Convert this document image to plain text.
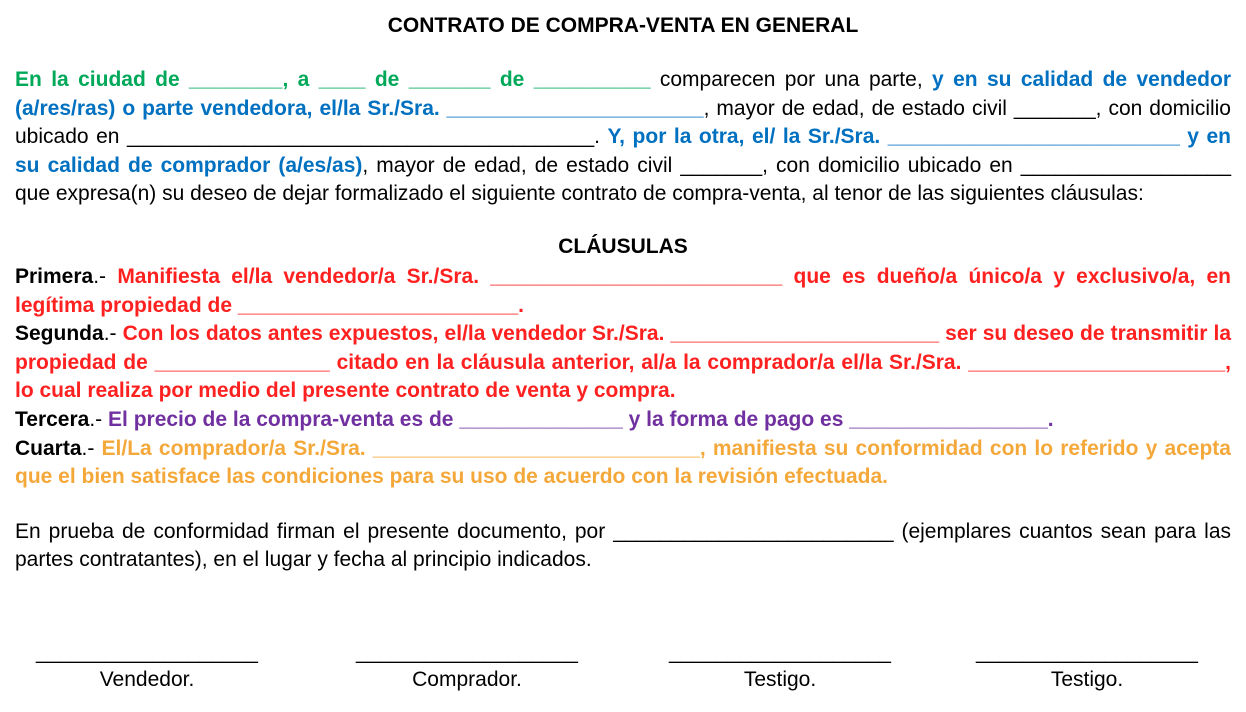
CONTRATO DE COMPRA-VENTA EN GENERAL

En la ciudad de ________, a ____ de _______ de __________ comparecen por una parte, y en su calidad de vendedor (a/res/ras) o parte vendedora, el/la Sr./Sra. ______________________, mayor de edad, de estado civil _______, con domicilio ubicado en ________________________________________. Y, por la otra, el/ la Sr./Sra. _________________________ y en su calidad de comprador (a/es/as), mayor de edad, de estado civil _______, con domicilio ubicado en __________________ que expresa(n) su deseo de dejar formalizado el siguiente contrato de compra-venta, al tenor de las siguientes cláusulas:

CLÁUSULAS

Primera.- Manifiesta el/la vendedor/a Sr./Sra. _________________________ que es dueño/a único/a y exclusivo/a, en legítima propiedad de ________________________.

Segunda.- Con los datos antes expuestos, el/la vendedor Sr./Sra. _______________________ ser su deseo de transmitir la propiedad de _______________ citado en la cláusula anterior, al/a la comprador/a el/la Sr./Sra. ______________________, lo cual realiza por medio del presente contrato de venta y compra.

Tercera.- El precio de la compra-venta es de ______________ y la forma de pago es _________________.

Cuarta.- El/La comprador/a Sr./Sra. ____________________________, manifiesta su conformidad con lo referido y acepta que el bien satisface las condiciones para su uso de acuerdo con la revisión efectuada.

En prueba de conformidad firman el presente documento, por ________________________ (ejemplares cuantos sean para las partes contratantes), en el lugar y fecha al principio indicados.

___________________
Vendedor.
___________________
Comprador.
___________________
Testigo.
___________________
Testigo.
